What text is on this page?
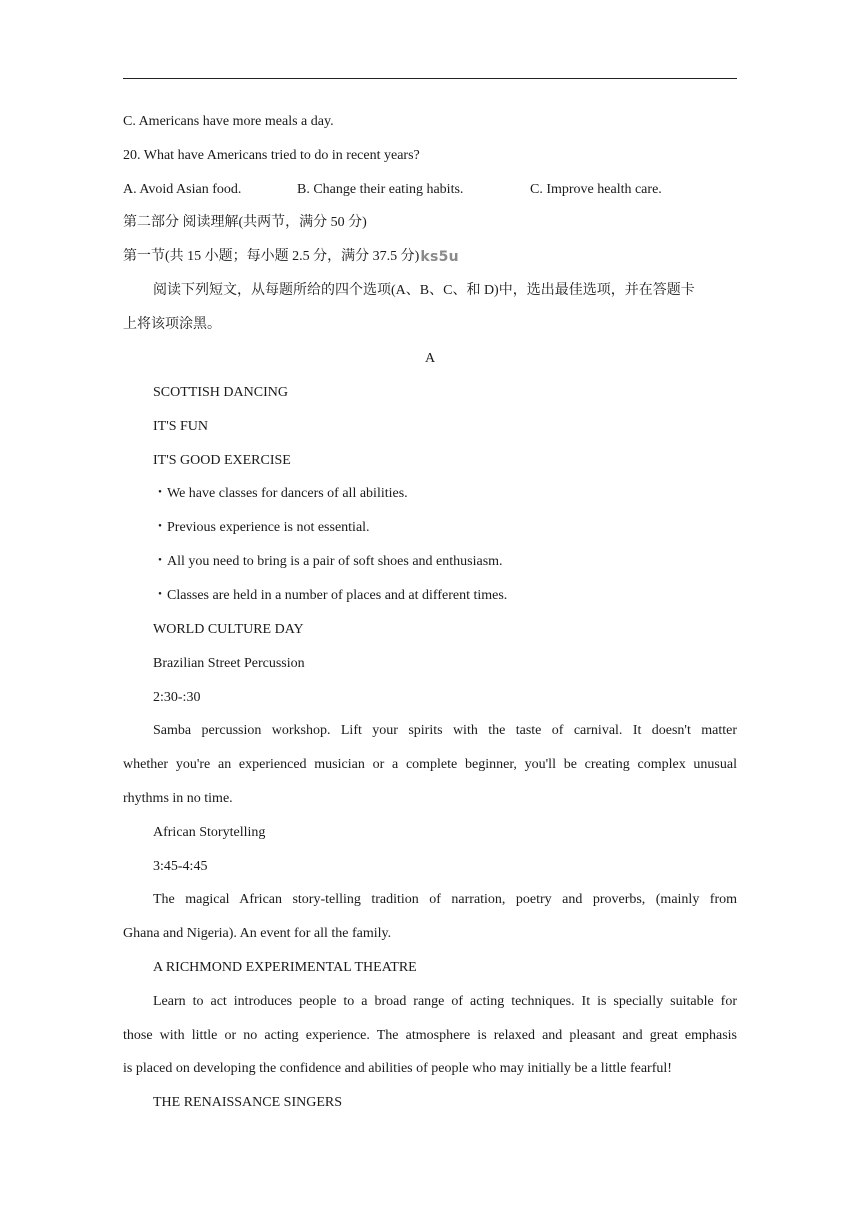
C. Americans have more meals a day.
20. What have Americans tried to do in recent years?
A. Avoid Asian food.	B. Change their eating habits.	C. Improve health care.
第二部分 阅读理解(共两节，满分 50 分)
第一节(共 15 小题；每小题 2.5 分，满分 37.5 分)ks5u
阅读下列短文，从每题所给的四个选项(A、B、C、和 D)中，选出最佳选项，并在答题卡
上将该项涂黑。
A
SCOTTISH DANCING
IT'S FUN
IT'S GOOD EXERCISE
・We have classes for dancers of all abilities.
・Previous experience is not essential.
・All you need to bring is a pair of soft shoes and enthusiasm.
・Classes are held in a number of places and at different times.
WORLD CULTURE DAY
Brazilian Street Percussion
2:30-:30
Samba percussion workshop. Lift your spirits with the taste of carnival. It doesn't matter
whether you're an experienced musician or a complete beginner, you'll be creating complex unusual
rhythms in no time.
African Storytelling
3:45-4:45
The magical African story-telling tradition of narration, poetry and proverbs, (mainly from
Ghana and Nigeria). An event for all the family.
A RICHMOND EXPERIMENTAL THEATRE
Learn to act introduces people to a broad range of acting techniques. It is specially suitable for
those with little or no acting experience. The atmosphere is relaxed and pleasant and great emphasis
is placed on developing the confidence and abilities of people who may initially be a little fearful!
THE RENAISSANCE SINGERS
